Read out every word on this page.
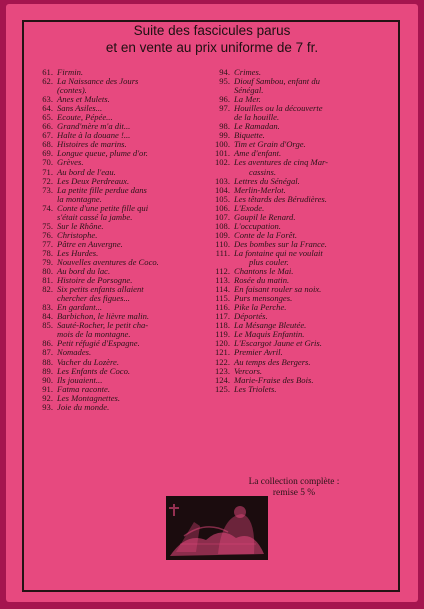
Suite des fascicules parus
et en vente au prix uniforme de 7 fr.
61. Firmin.
62. La Naissance des Jours
(contes).
63. Anes et Mulets.
64. Sans Asiles...
65. Ecoute, Pépée...
66. Grand'mère m'a dit...
67. Halte à la douane !...
68. Histoires de marins.
69. Longue queue, plume d'or.
70. Grèves.
71. Au bord de l'eau.
72. Les Deux Perdreaux.
73. La petite fille perdue dans
la montagne.
74. Conte d'une petite fille qui
s'était cassé la jambe.
75. Sur le Rhône.
76. Christophe.
77. Pâtre en Auvergne.
78. Les Hurdes.
79. Nouvelles aventures de Coco.
80. Au bord du lac.
81. Histoire de Porsogne.
82. Six petits enfants allaient
chercher des figues...
83. En gardant...
84. Barbichon, le lièvre malin.
85. Sauté-Rocher, le petit cha-
mois de la montagne.
86. Petit réfugié d'Espagne.
87. Nomades.
88. Vacher du Lozère.
89. Les Enfants de Coco.
90. Ils jouaient...
91. Fatma raconte.
92. Les Montagnettes.
93. Joie du monde.
94. Crimes.
95. Diouf Sambou, enfant du
Sénégal.
96. La Mer.
97. Houilles ou la découverte
de la houille.
98. Le Ramadan.
99. Biquette.
100. Tim et Grain d'Orge.
101. Ame d'enfant.
102. Les aventures de cinq Mar-
cassins.
103. Lettres du Sénégal.
104. Merlin-Merlot.
105. Les têtards des Bérudières.
106. L'Exode.
107. Goupil le Renard.
108. L'occupation.
109. Conte de la Forêt.
110. Des bombes sur la France.
111. La fontaine qui ne voulait
plus couler.
112. Chantons le Mai.
113. Rosée du matin.
114. En faisant rouler sa noix.
115. Purs mensonges.
116. Pike la Perche.
117. Déportés.
118. La Mésange Bleutée.
119. Le Maquis Enfantin.
120. L'Escargot Jaune et Gris.
121. Premier Avril.
122. Au temps des Bergers.
123. Vercors.
124. Marie-Fraise des Bois.
125. Les Triolets.
La collection complète :
remise 5 %
